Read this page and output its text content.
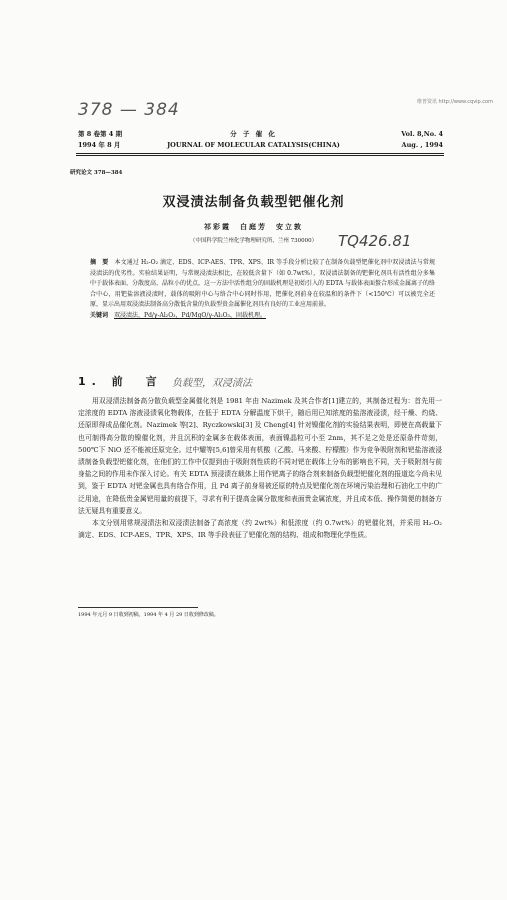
维普资讯 http://www.cqvip.com
378 — 384
第 8 卷第 4 期	分 子 催 化	Vol. 8,No. 4
1994 年 8 月	JOURNAL OF MOLECULAR CATALYSIS(CHINA)	Aug. , 1994
研究论文 378—384
双浸渍法制备负载型钯催化剂
祁彩霞　白庭芳　安立敦
（中国科学院兰州化学物理研究所，兰州 730000）	TQ426.81

摘　要　 本文通过 H₂-O₂ 滴定、EDS、ICP-AES、TPR、XPS、IR 等手段分析比较了在制备负载型钯催化剂中双浸渍法与常规浸渍法的优劣性。实验结果证明，与常规浸渍法相比，在较低含量下（如 0.7wt%），双浸渍法制备的钯催化剂具有活性组分多集中于载体表面、分散度高、晶粒小的优点，这一方法中活性组分的固载机理是初始引入的 EDTA 与载体表面螯合形成金属离子的络合中心，用钯盐溶液浸渍时，载体的吸附中心与络合中心同时作用，钯催化剂前身在较温和的条件下（<150℃）可以被完全还原，显示出用双浸渍法制备高分散低含量的负载型贵金属催化剂具有良好的工业应用前景。

关键词　 双浸渍法，Pd/γ-Al₂O₃，Pd/MgO/γ-Al₂O₃，固载机理。

1. 前　言 负载型，双浸渍法

用双浸渍法制备高分散负载型金属催化剂是 1981 年由 Nazimek 及其合作者[1]建立的，其制备过程为：首先用一定浓度的 EDTA 溶液浸渍氧化物载体，在低于 EDTA 分解温度下烘干，随后用已知浓度的盐溶液浸渍，经干燥、灼烧、还原即得成品催化剂。Nazimek 等[2]、Ryczkowski[3] 及 Cheng[4] 针对镍催化剂的实验结果表明，即使在高载量下也可制得高分散的镍催化剂，并且沉积的金属多在载体表面，表面镍晶粒可小至 2nm，其不足之处是还原条件苛刻，500℃下 NiO 还不能被还原完全。过中耀等[5,6]曾采用有机酸（乙酸、马来酸、柠檬酸）作为竞争吸附剂和钯盐溶液浸渍制备负载型钯催化剂，在他们的工作中仅提到由于吸附剂性质的不同对钯在载体上分布的影响也不同，关于吸附剂与前身盐之间的作用未作深入讨论。有关 EDTA 预浸渍在载体上用作钯离子的络合剂来制备负载型钯催化剂的报道迄今尚未见到，鉴于 EDTA 对钯金属也具有络合作用，且 Pd 离子前身易被还原的特点及钯催化剂在环境污染治理和石油化工中的广泛用途，在降低贵金属钯用量的前提下，寻求有利于提高金属分散度和表面贵金属浓度，并且成本低、操作简便的制备方法无疑具有重要意义。

本文分别用常规浸渍法和双浸渍法制备了高浓度（约 2wt%）和低浓度（约 0.7wt%）的钯催化剂，并采用 H₂-O₂ 滴定、EDS、ICP-AES、TPR、XPS、IR 等手段表征了钯催化剂的结构、组成和物理化学性质。

1994 年元月 9 日收到初稿，1994 年 4 月 29 日收到修改稿。
